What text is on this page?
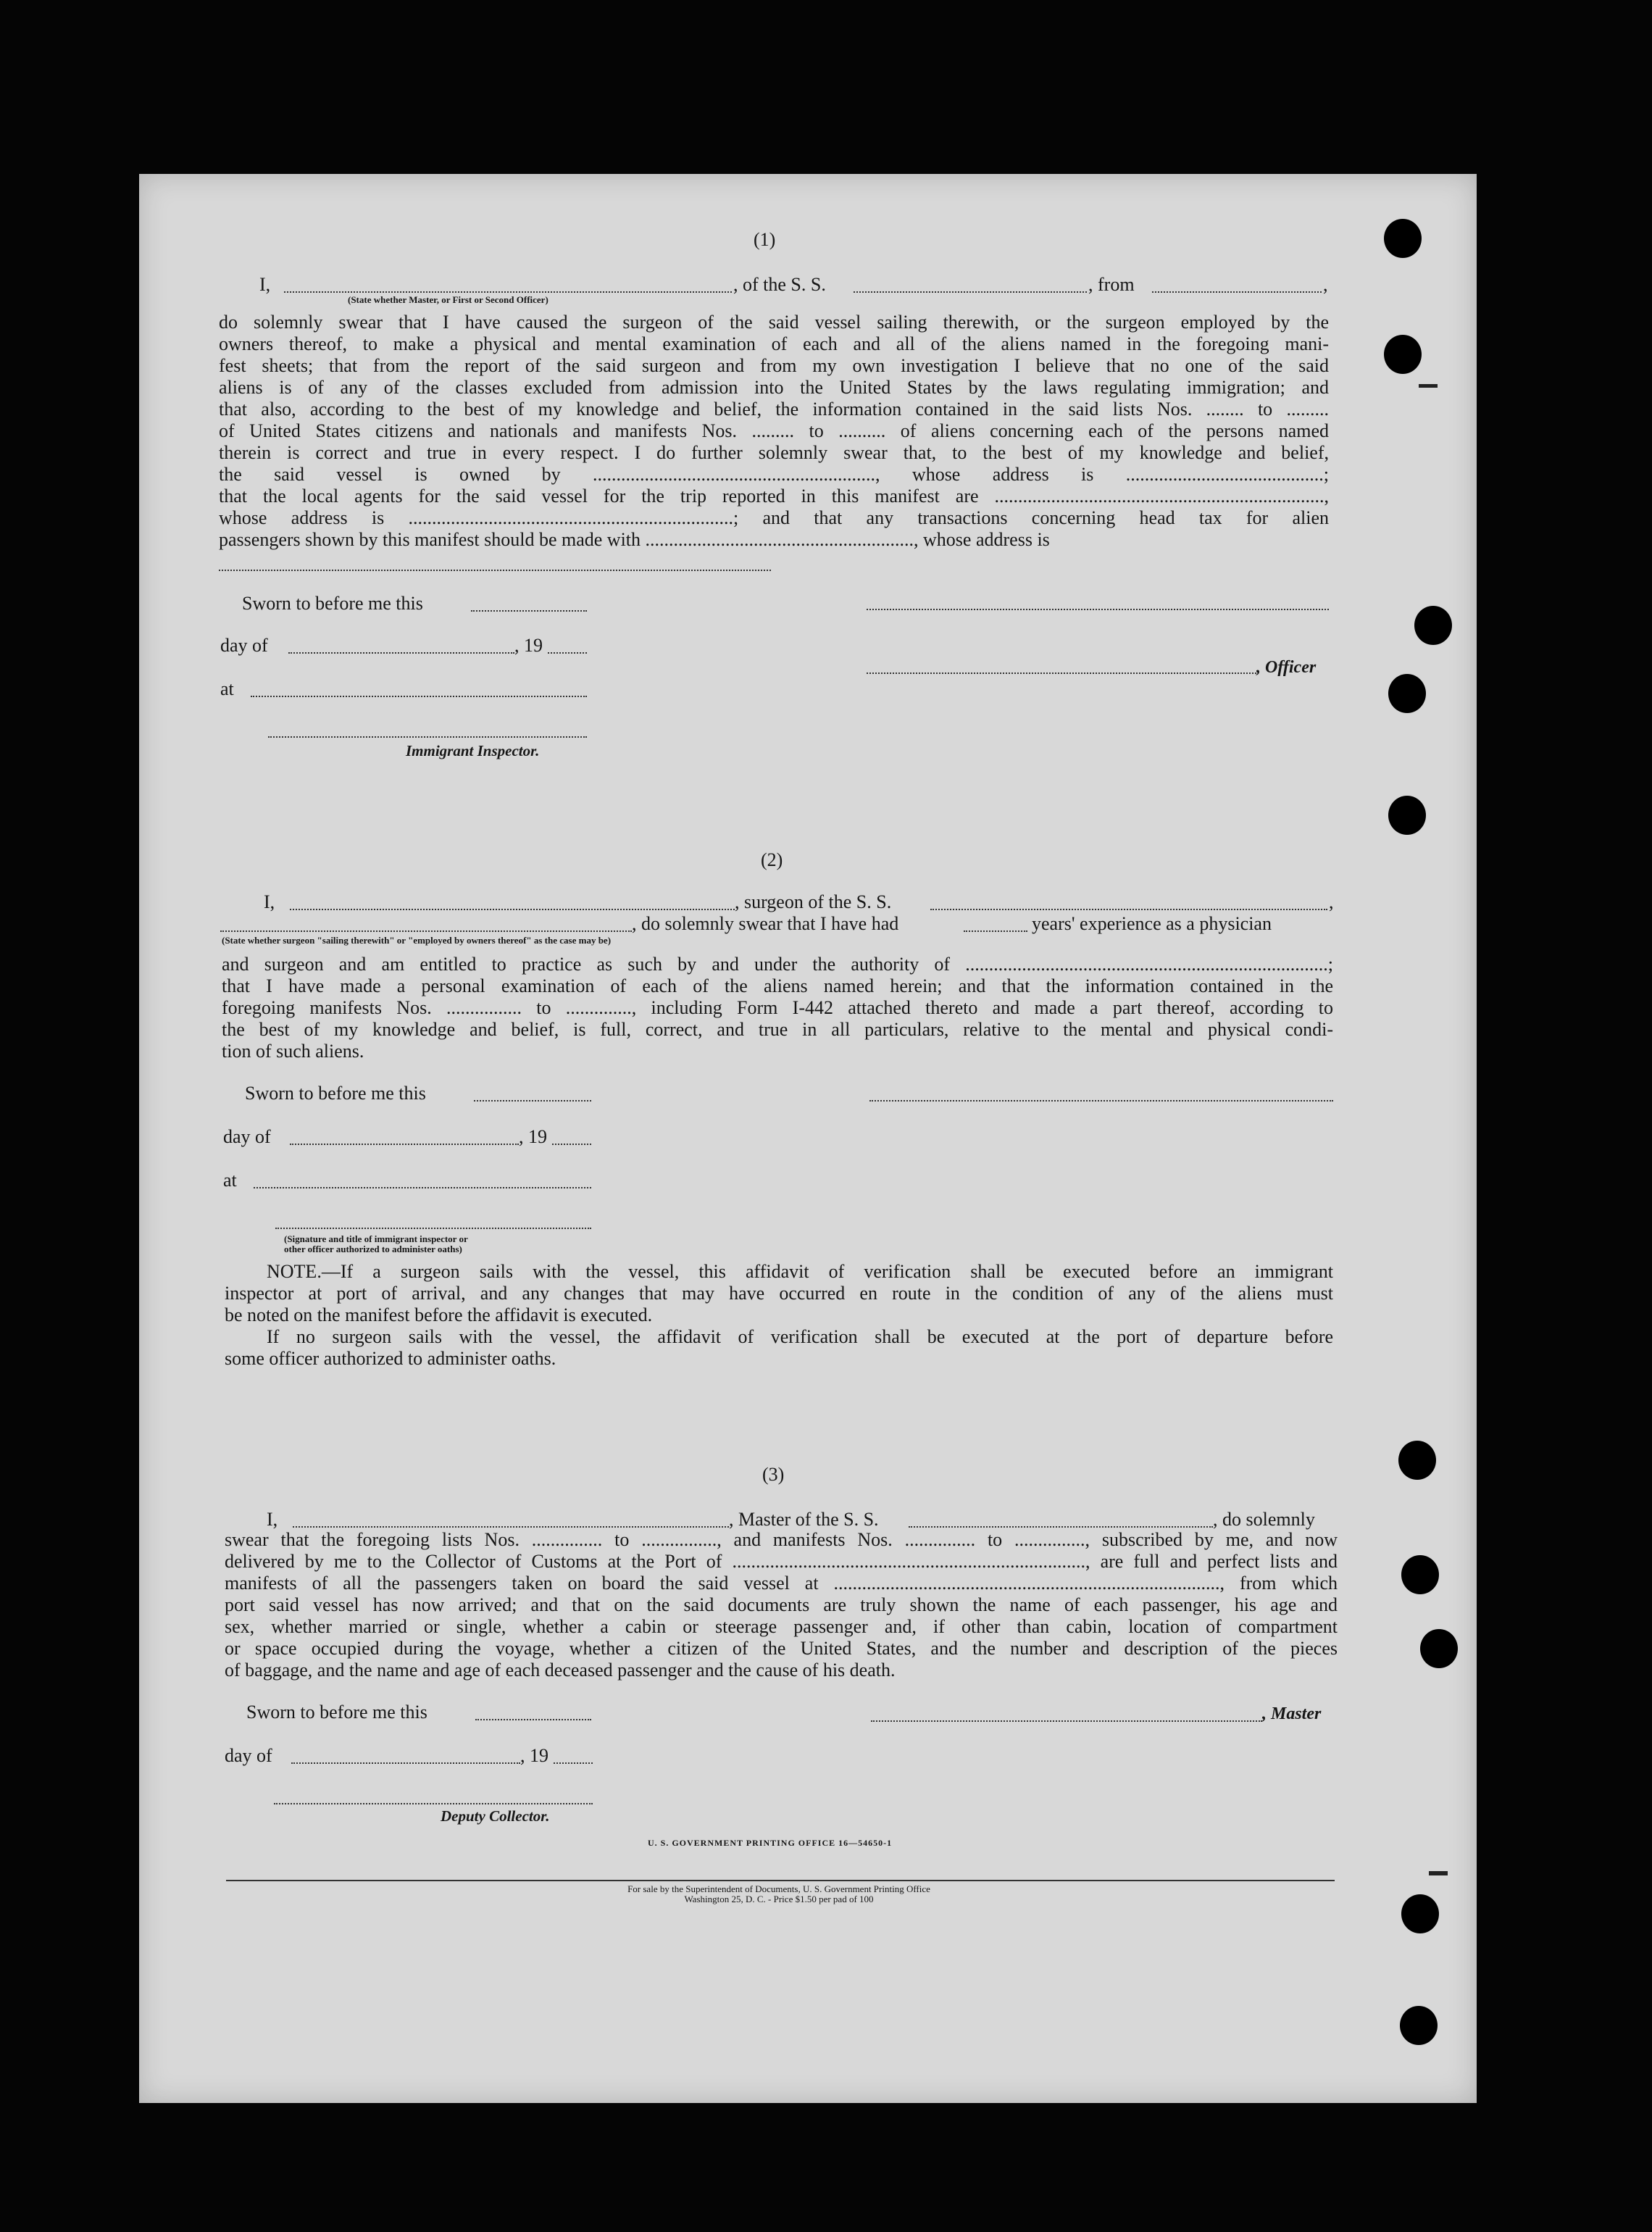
(1)
I,	, of the S. S.	, from	,
(State whether Master, or First or Second Officer)
do solemnly swear that I have caused the surgeon of the said vessel sailing therewith, or the surgeon employed by the
owners thereof, to make a physical and mental examination of each and all of the aliens named in the foregoing mani-
fest sheets; that from the report of the said surgeon and from my own investigation I believe that no one of the said
aliens is of any of the classes excluded from admission into the United States by the laws regulating immigration; and
that also, according to the best of my knowledge and belief, the information contained in the said lists Nos. ........ to .........
of United States citizens and nationals and manifests Nos. ......... to .......... of aliens concerning each of the persons named
therein is correct and true in every respect. I do further solemnly swear that, to the best of my knowledge and belief,
the said vessel is owned by ............................................................, whose address is ..........................................;
that the local agents for the said vessel for the trip reported in this manifest are ......................................................................,
whose address is .....................................................................; and that any transactions concerning head tax for alien
passengers shown by this manifest should be made with ........................................................., whose address is
Sworn to before me this
day of	, 19
at
Immigrant Inspector.
, Officer
(2)
I,	, surgeon of the S. S.	,
, do solemnly swear that I have had	years' experience as a physician
(State whether surgeon "sailing therewith" or "employed by owners thereof" as the case may be)
and surgeon and am entitled to practice as such by and under the authority of .............................................................................;
that I have made a personal examination of each of the aliens named herein; and that the information contained in the
foregoing manifests Nos. ................ to .............., including Form I-442 attached thereto and made a part thereof, according to
the best of my knowledge and belief, is full, correct, and true in all particulars, relative to the mental and physical condi-
tion of such aliens.
Sworn to before me this
day of	, 19
at
(Signature and title of immigrant inspector or
other officer authorized to administer oaths)
NOTE.—If a surgeon sails with the vessel, this affidavit of verification shall be executed before an immigrant
inspector at port of arrival, and any changes that may have occurred en route in the condition of any of the aliens must
be noted on the manifest before the affidavit is executed.
If no surgeon sails with the vessel, the affidavit of verification shall be executed at the port of departure before
some officer authorized to administer oaths.
(3)
I,	, Master of the S. S.	, do solemnly
swear that the foregoing lists Nos. ............... to ................, and manifests Nos. ............... to ..............., subscribed by me, and now
delivered by me to the Collector of Customs at the Port of ..........................................................................., are full and perfect lists and
manifests of all the passengers taken on board the said vessel at .................................................................................., from which
port said vessel has now arrived; and that on the said documents are truly shown the name of each passenger, his age and
sex, whether married or single, whether a cabin or steerage passenger and, if other than cabin, location of compartment
or space occupied during the voyage, whether a citizen of the United States, and the number and description of the pieces
of baggage, and the name and age of each deceased passenger and the cause of his death.
Sworn to before me this
day of	, 19
Deputy Collector.
, Master
U. S. GOVERNMENT PRINTING OFFICE 16—54650-1
For sale by the Superintendent of Documents, U. S. Government Printing Office
Washington 25, D. C. - Price $1.50 per pad of 100
